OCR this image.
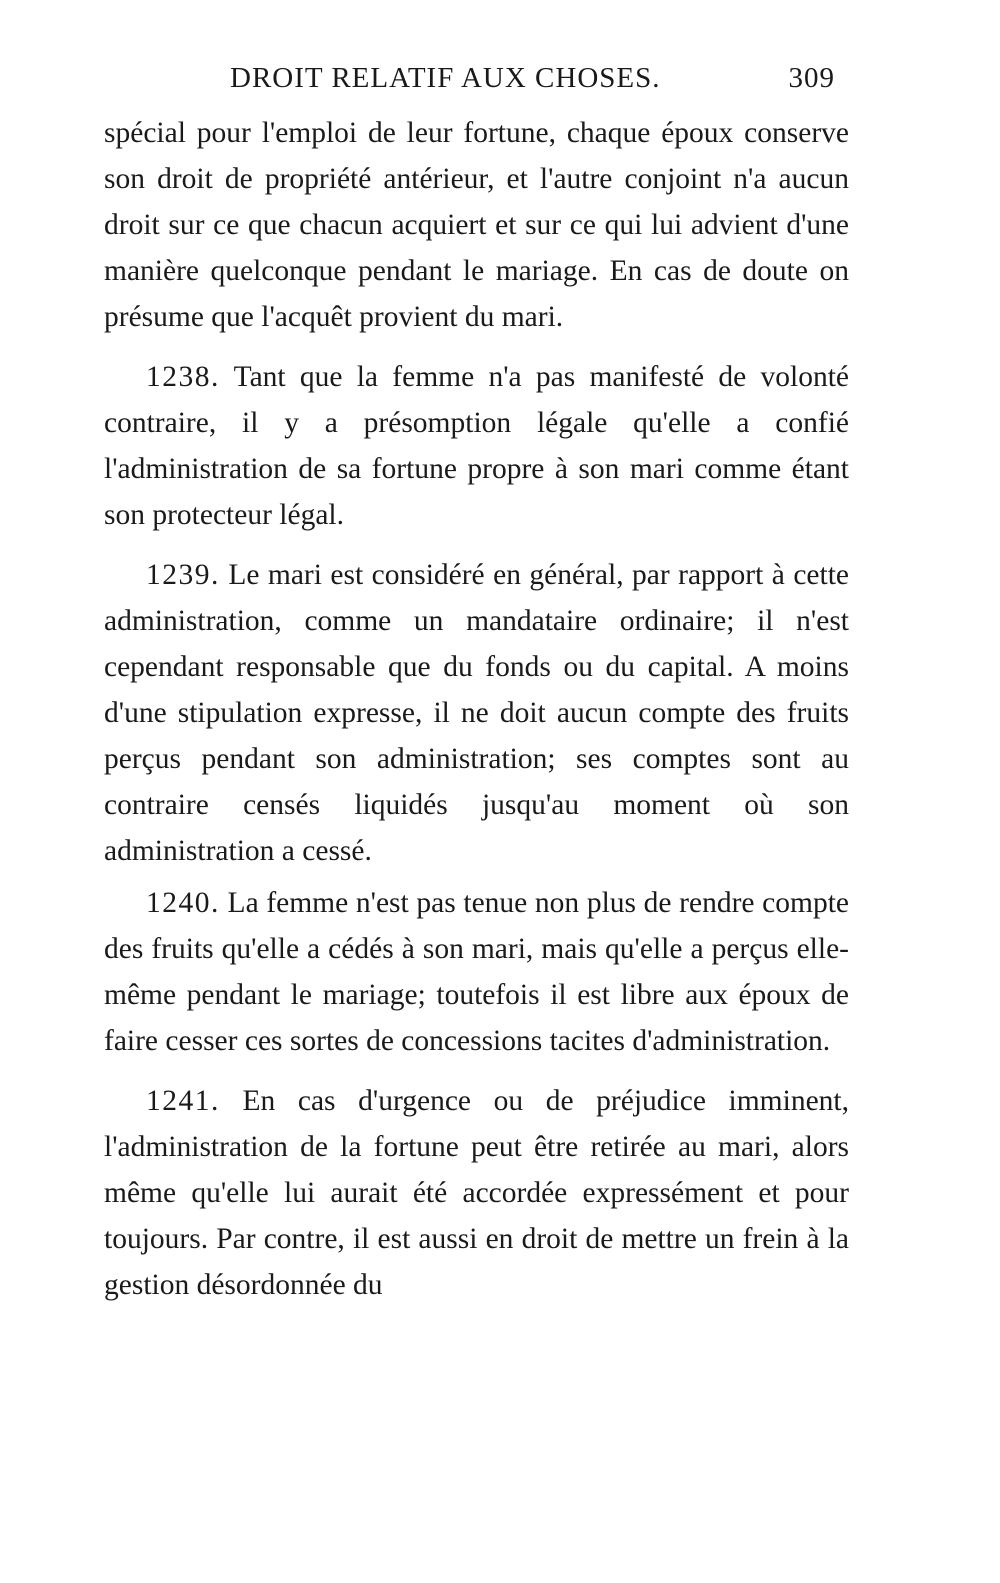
DROIT RELATIF AUX CHOSES.	309

spécial pour l'emploi de leur fortune, chaque époux conserve son droit de propriété antérieur, et l'autre conjoint n'a aucun droit sur ce que chacun acquiert et sur ce qui lui advient d'une manière quelconque pendant le mariage. En cas de doute on présume que l'acquêt provient du mari.

1238. Tant que la femme n'a pas manifesté de volonté contraire, il y a présomption légale qu'elle a confié l'administration de sa fortune propre à son mari comme étant son protecteur légal.

1239. Le mari est considéré en général, par rapport à cette administration, comme un mandataire ordinaire; il n'est cependant responsable que du fonds ou du capital. A moins d'une stipulation expresse, il ne doit aucun compte des fruits perçus pendant son administration; ses comptes sont au contraire censés liquidés jusqu'au moment où son administration a cessé.

1240. La femme n'est pas tenue non plus de rendre compte des fruits qu'elle a cédés à son mari, mais qu'elle a perçus elle-même pendant le mariage; toutefois il est libre aux époux de faire cesser ces sortes de concessions tacites d'administration.

1241. En cas d'urgence ou de préjudice imminent, l'administration de la fortune peut être retirée au mari, alors même qu'elle lui aurait été accordée expressément et pour toujours. Par contre, il est aussi en droit de mettre un frein à la gestion désordonnée du
